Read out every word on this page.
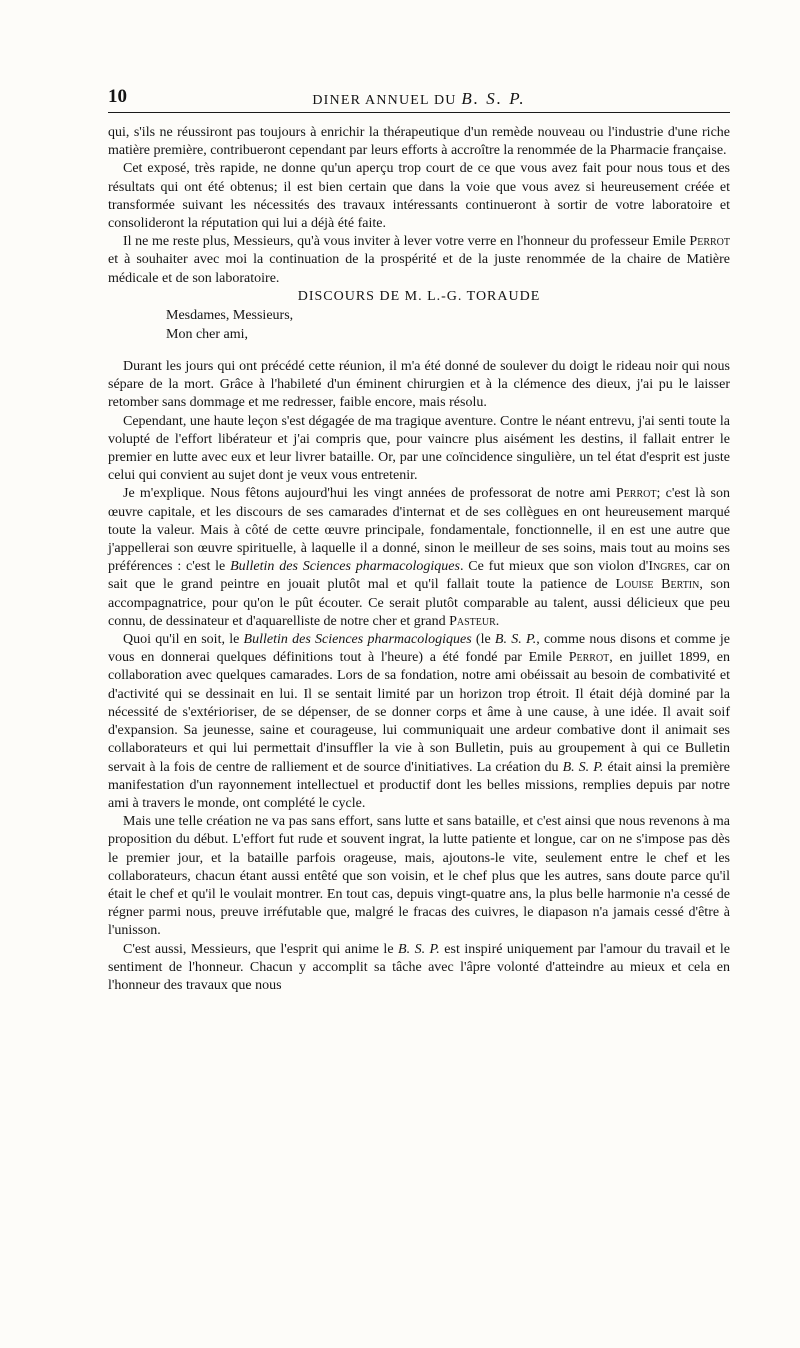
10	DINER ANNUEL DU B. S. P.

qui, s'ils ne réussiront pas toujours à enrichir la thérapeutique d'un remède nouveau ou l'industrie d'une riche matière première, contribueront cependant par leurs efforts à accroître la renommée de la Pharmacie française.

Cet exposé, très rapide, ne donne qu'un aperçu trop court de ce que vous avez fait pour nous tous et des résultats qui ont été obtenus; il est bien certain que dans la voie que vous avez si heureusement créée et transformée suivant les nécessités des travaux intéressants continueront à sortir de votre laboratoire et consolideront la réputation qui lui a déjà été faite.

Il ne me reste plus, Messieurs, qu'à vous inviter à lever votre verre en l'honneur du professeur Emile Perrot et à souhaiter avec moi la continuation de la prospérité et de la juste renommée de la chaire de Matière médicale et de son laboratoire.

DISCOURS DE M. L.-G. TORAUDE

Mesdames, Messieurs,
Mon cher ami,

Durant les jours qui ont précédé cette réunion, il m'a été donné de soulever du doigt le rideau noir qui nous sépare de la mort. Grâce à l'habileté d'un éminent chirurgien et à la clémence des dieux, j'ai pu le laisser retomber sans dommage et me redresser, faible encore, mais résolu.

Cependant, une haute leçon s'est dégagée de ma tragique aventure. Contre le néant entrevu, j'ai senti toute la volupté de l'effort libérateur et j'ai compris que, pour vaincre plus aisément les destins, il fallait entrer le premier en lutte avec eux et leur livrer bataille. Or, par une coïncidence singulière, un tel état d'esprit est juste celui qui convient au sujet dont je veux vous entretenir.

Je m'explique. Nous fêtons aujourd'hui les vingt années de professorat de notre ami Perrot; c'est là son œuvre capitale, et les discours de ses camarades d'internat et de ses collègues en ont heureusement marqué toute la valeur. Mais à côté de cette œuvre principale, fondamentale, fonctionnelle, il en est une autre que j'appellerai son œuvre spirituelle, à laquelle il a donné, sinon le meilleur de ses soins, mais tout au moins ses préférences : c'est le Bulletin des Sciences pharmacologiques. Ce fut mieux que son violon d'Ingres, car on sait que le grand peintre en jouait plutôt mal et qu'il fallait toute la patience de Louise Bertin, son accompagnatrice, pour qu'on le pût écouter. Ce serait plutôt comparable au talent, aussi délicieux que peu connu, de dessinateur et d'aquarelliste de notre cher et grand Pasteur.

Quoi qu'il en soit, le Bulletin des Sciences pharmacologiques (le B. S. P., comme nous disons et comme je vous en donnerai quelques définitions tout à l'heure) a été fondé par Emile Perrot, en juillet 1899, en collaboration avec quelques camarades. Lors de sa fondation, notre ami obéissait au besoin de combativité et d'activité qui se dessinait en lui. Il se sentait limité par un horizon trop étroit. Il était déjà dominé par la nécessité de s'extérioriser, de se dépenser, de se donner corps et âme à une cause, à une idée. Il avait soif d'expansion. Sa jeunesse, saine et courageuse, lui communiquait une ardeur combative dont il animait ses collaborateurs et qui lui permettait d'insuffler la vie à son Bulletin, puis au groupement à qui ce Bulletin servait à la fois de centre de ralliement et de source d'initiatives. La création du B. S. P. était ainsi la première manifestation d'un rayonnement intellectuel et productif dont les belles missions, remplies depuis par notre ami à travers le monde, ont complété le cycle.

Mais une telle création ne va pas sans effort, sans lutte et sans bataille, et c'est ainsi que nous revenons à ma proposition du début. L'effort fut rude et souvent ingrat, la lutte patiente et longue, car on ne s'impose pas dès le premier jour, et la bataille parfois orageuse, mais, ajoutons-le vite, seulement entre le chef et les collaborateurs, chacun étant aussi entêté que son voisin, et le chef plus que les autres, sans doute parce qu'il était le chef et qu'il le voulait montrer. En tout cas, depuis vingt-quatre ans, la plus belle harmonie n'a cessé de régner parmi nous, preuve irréfutable que, malgré le fracas des cuivres, le diapason n'a jamais cessé d'être à l'unisson.

C'est aussi, Messieurs, que l'esprit qui anime le B. S. P. est inspiré uniquement par l'amour du travail et le sentiment de l'honneur. Chacun y accomplit sa tâche avec l'âpre volonté d'atteindre au mieux et cela en l'honneur des travaux que nous
